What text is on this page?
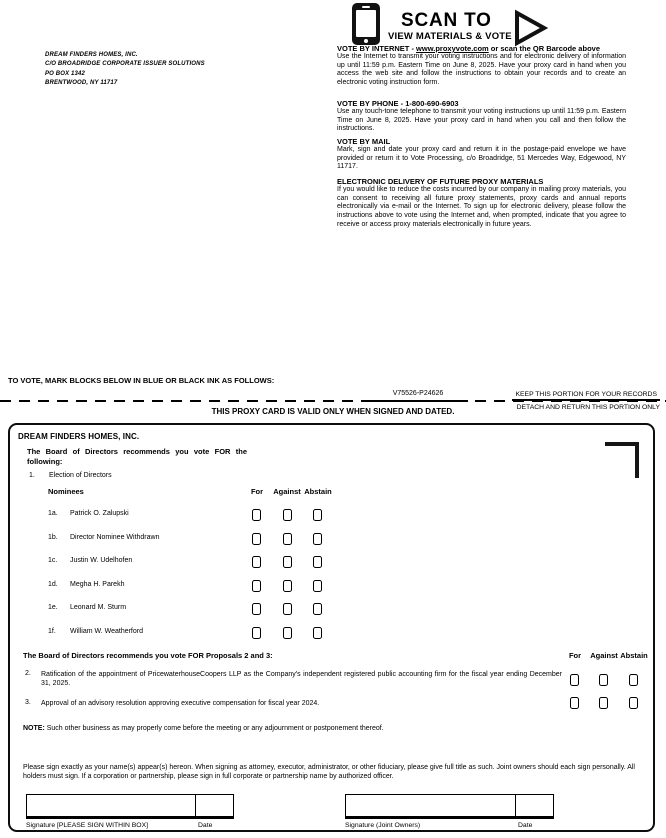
DREAM FINDERS HOMES, INC.
C/O BROADRIDGE CORPORATE ISSUER SOLUTIONS
PO BOX 1342
BRENTWOOD, NY 11717
SCAN TO
VIEW MATERIALS & VOTE
VOTE BY INTERNET - www.proxyvote.com or scan the QR Barcode above
Use the Internet to transmit your voting instructions and for electronic delivery of information up until 11:59 p.m. Eastern Time on June 8, 2025. Have your proxy card in hand when you access the web site and follow the instructions to obtain your records and to create an electronic voting instruction form.
VOTE BY PHONE - 1-800-690-6903
Use any touch-tone telephone to transmit your voting instructions up until 11:59 p.m. Eastern Time on June 8, 2025. Have your proxy card in hand when you call and then follow the instructions.
VOTE BY MAIL
Mark, sign and date your proxy card and return it in the postage-paid envelope we have provided or return it to Vote Processing, c/o Broadridge, 51 Mercedes Way, Edgewood, NY 11717.
ELECTRONIC DELIVERY OF FUTURE PROXY MATERIALS
If you would like to reduce the costs incurred by our company in mailing proxy materials, you can consent to receiving all future proxy statements, proxy cards and annual reports electronically via e-mail or the Internet. To sign up for electronic delivery, please follow the instructions above to vote using the Internet and, when prompted, indicate that you agree to receive or access proxy materials electronically in future years.
TO VOTE, MARK BLOCKS BELOW IN BLUE OR BLACK INK AS FOLLOWS:
V75526-P24626	KEEP THIS PORTION FOR YOUR RECORDS
DETACH AND RETURN THIS PORTION ONLY
THIS PROXY CARD IS VALID ONLY WHEN SIGNED AND DATED.
DREAM FINDERS HOMES, INC.
The Board of Directors recommends you vote FOR the following:
1. Election of Directors
Nominees	For	Against Abstain
1a. Patrick O. Zalupski
1b. Director Nominee Withdrawn
1c. Justin W. Udelhofen
1d. Megha H. Parekh
1e. Leonard M. Sturm
1f. William W. Weatherford
The Board of Directors recommends you vote FOR Proposals 2 and 3:	For	Against Abstain
2. Ratification of the appointment of PricewaterhouseCoopers LLP as the Company's independent registered public accounting firm for the fiscal year ending December 31, 2025.
3. Approval of an advisory resolution approving executive compensation for fiscal year 2024.
NOTE: Such other business as may properly come before the meeting or any adjournment or postponement thereof.
Please sign exactly as your name(s) appear(s) hereon. When signing as attorney, executor, administrator, or other fiduciary, please give full title as such. Joint owners should each sign personally. All holders must sign. If a corporation or partnership, please sign in full corporate or partnership name by authorized officer.
Signature [PLEASE SIGN WITHIN BOX]	Date	Signature (Joint Owners)	Date
